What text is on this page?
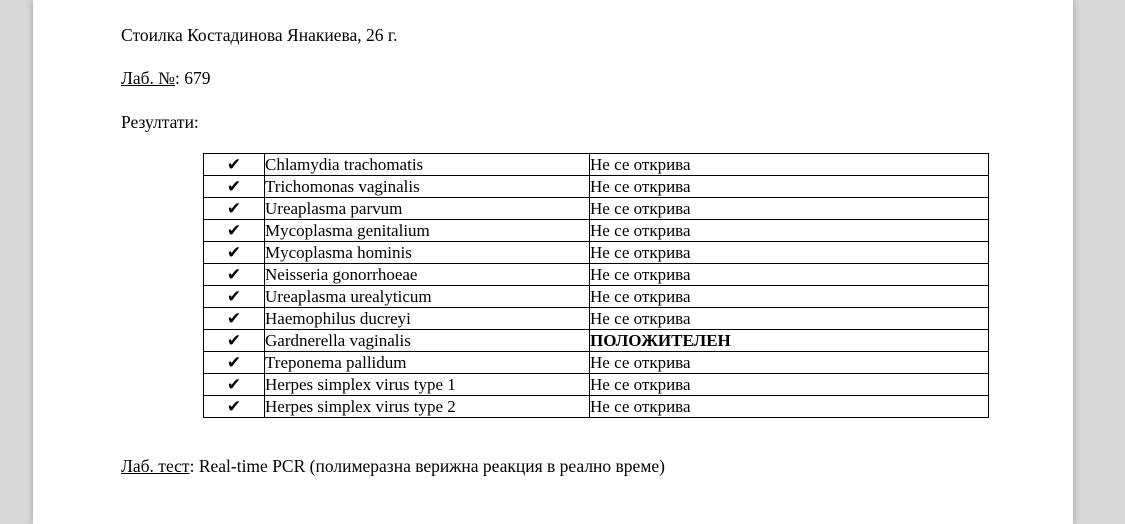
Стоилка Костадинова Янакиева, 26 г.
Лаб. №: 679
Резултати:
✔	Chlamydia trachomatis	Не се открива
✔	Trichomonas vaginalis	Не се открива
✔	Ureaplasma parvum	Не се открива
✔	Mycoplasma genitalium	Не се открива
✔	Mycoplasma hominis	Не се открива
✔	Neisseria gonorrhoeae	Не се открива
✔	Ureaplasma urealyticum	Не се открива
✔	Haemophilus ducreyi	Не се открива
✔	Gardnerella vaginalis	ПОЛОЖИТЕЛЕН
✔	Treponema pallidum	Не се открива
✔	Herpes simplex virus type 1	Не се открива
✔	Herpes simplex virus type 2	Не се открива
Лаб. тест: Real-time PCR (полимеразна верижна реакция в реално време)
